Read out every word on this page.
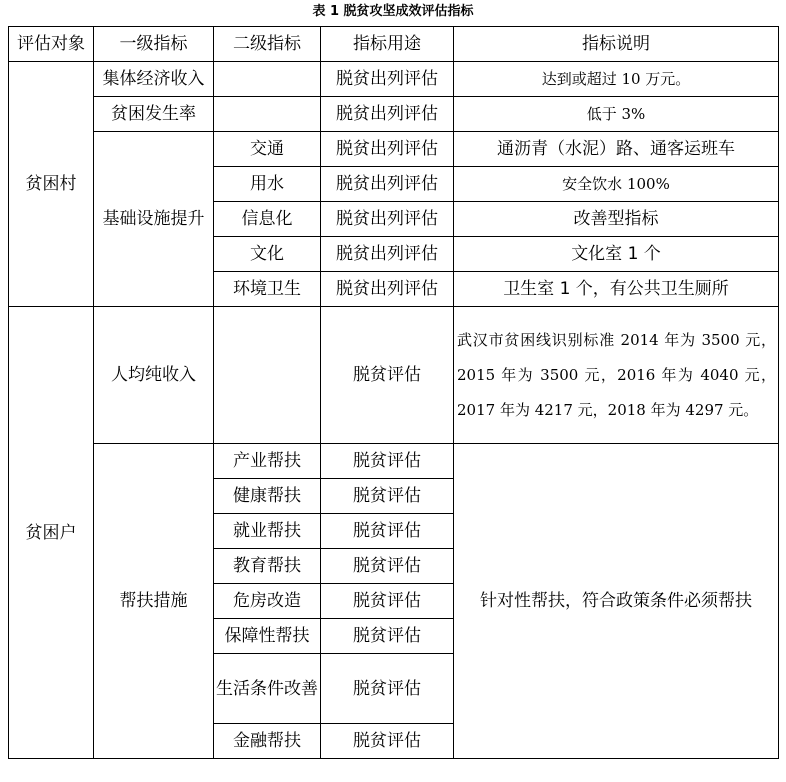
表 1 脱贫攻坚成效评估指标
评估对象	一级指标	二级指标	指标用途	指标说明
贫困村	集体经济收入		脱贫出列评估	达到或超过 10 万元。
	贫困发生率		脱贫出列评估	低于 3%
	基础设施提升	交通	脱贫出列评估	通沥青（水泥）路、通客运班车
		用水	脱贫出列评估	安全饮水 100%
		信息化	脱贫出列评估	改善型指标
		文化	脱贫出列评估	文化室 1 个
		环境卫生	脱贫出列评估	卫生室 1 个，有公共卫生厕所
贫困户	人均纯收入		脱贫评估	武汉市贫困线识别标准 2014 年为 3500 元，2015 年为 3500 元，2016 年为 4040 元，2017 年为 4217 元，2018 年为 4297 元。
	帮扶措施	产业帮扶	脱贫评估	针对性帮扶，符合政策条件必须帮扶
		健康帮扶	脱贫评估	
		就业帮扶	脱贫评估	
		教育帮扶	脱贫评估	
		危房改造	脱贫评估	
		保障性帮扶	脱贫评估	
		生活条件改善	脱贫评估	
		金融帮扶	脱贫评估	
